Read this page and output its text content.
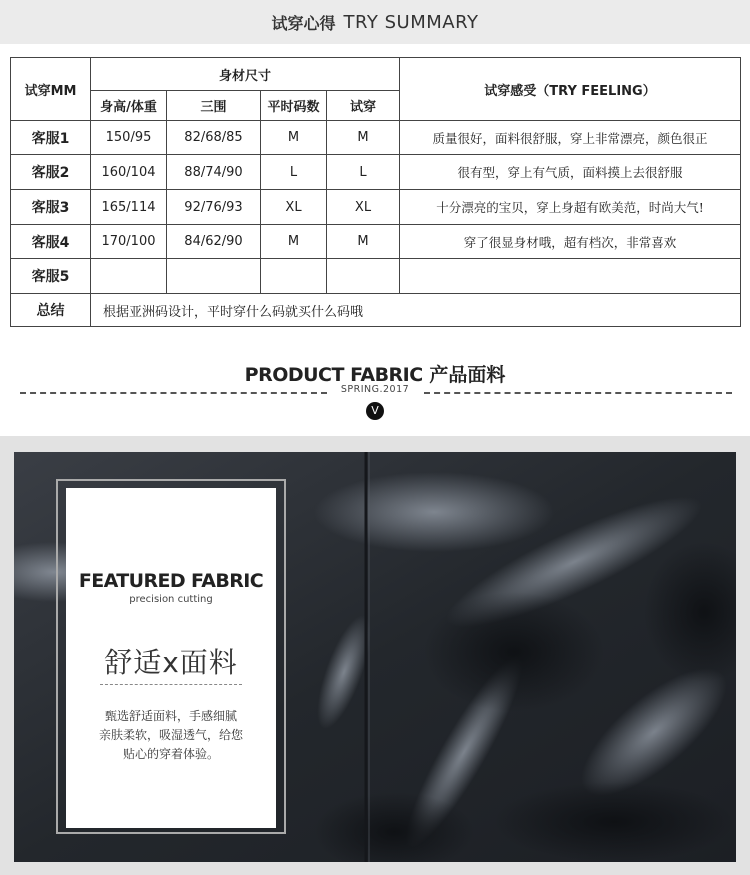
试穿心得 TRY SUMMARY
试穿MM	身材尺寸				试穿感受（TRY FEELING）
	身高/体重	三围	平时码数	试穿	
客服1	150/95	82/68/85	M	M	质量很好，面料很舒服，穿上非常漂亮，颜色很正
客服2	160/104	88/74/90	L	L	很有型，穿上有气质，面料摸上去很舒服
客服3	165/114	92/76/93	XL	XL	十分漂亮的宝贝，穿上身超有欧美范，时尚大气!
客服4	170/100	84/62/90	M	M	穿了很显身材哦，超有档次，非常喜欢
客服5					
总结	根据亚洲码设计，平时穿什么码就买什么码哦				
PRODUCT FABRIC 产品面料
SPRING.2017
V
FEATURED FABRIC
precision cutting
舒适x面料
甄选舒适面料，手感细腻
亲肤柔软，吸湿透气，给您
贴心的穿着体验。
